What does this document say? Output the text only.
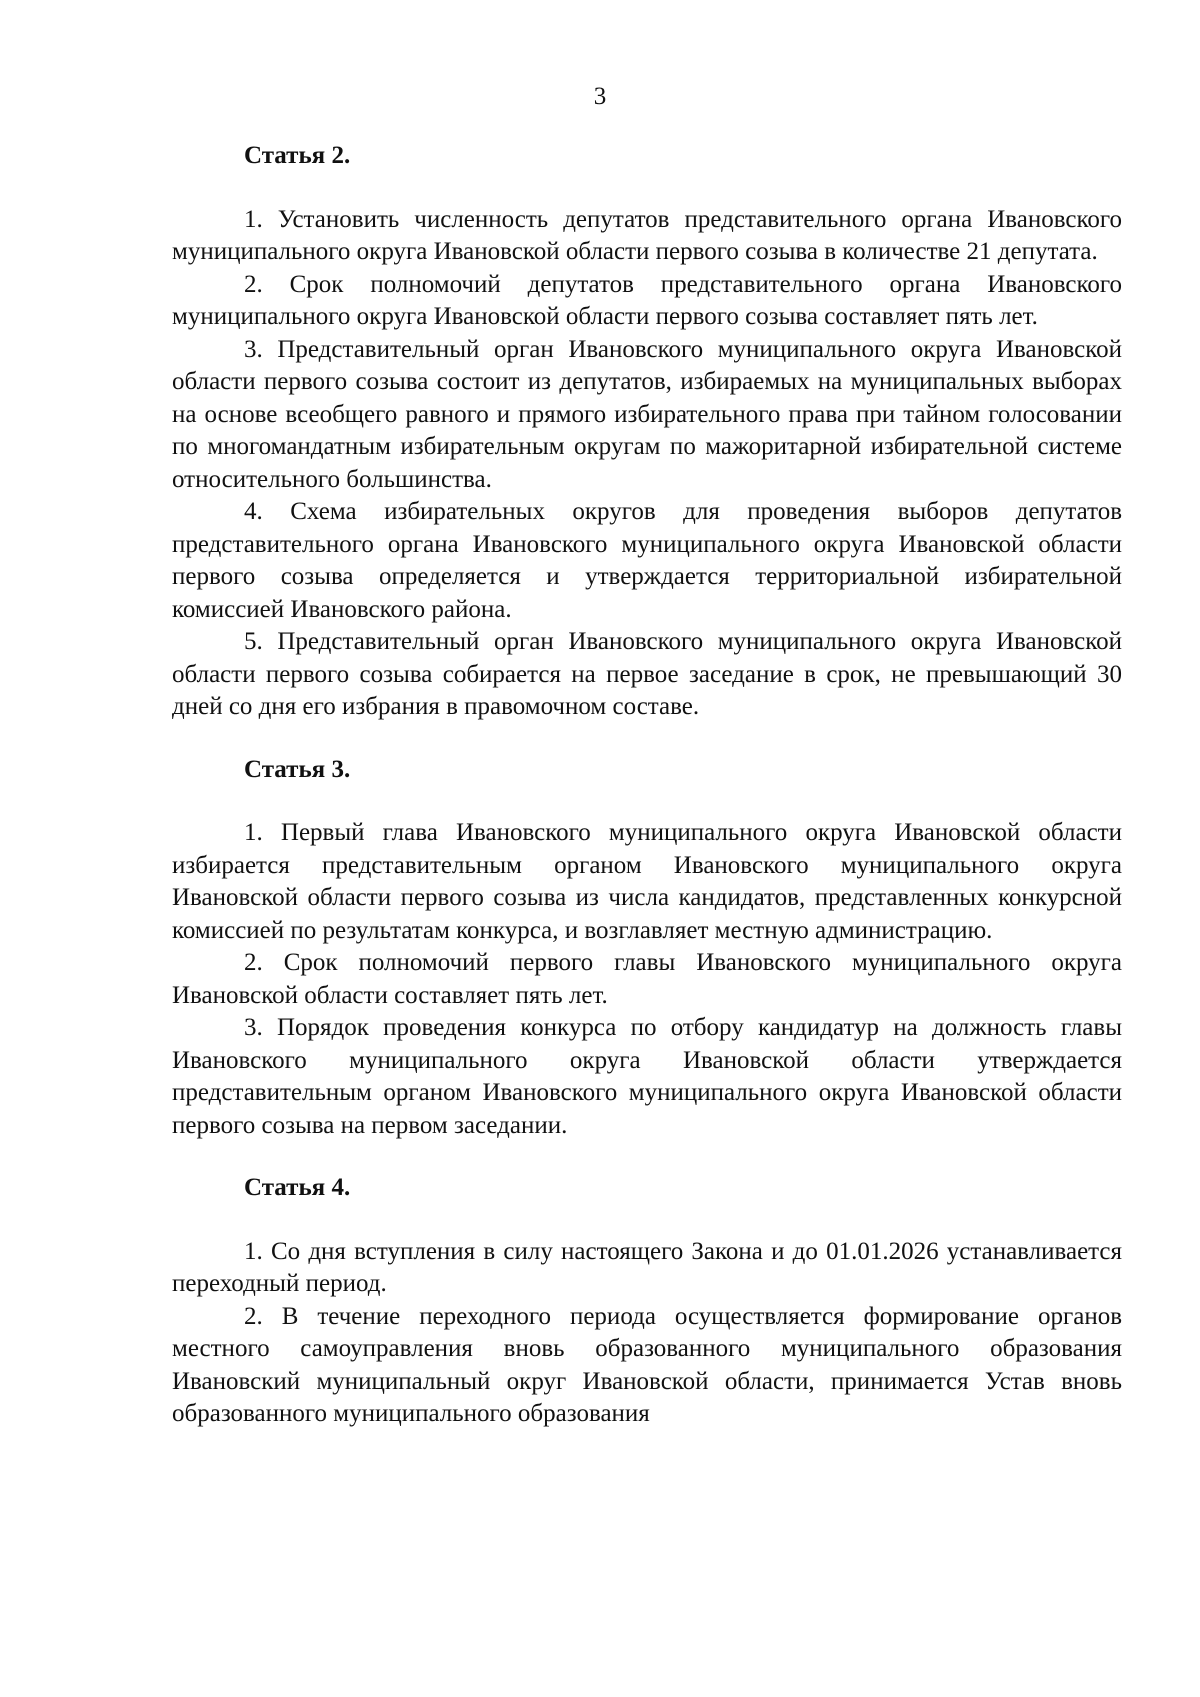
3
Статья 2.

1. Установить численность депутатов представительного органа Ивановского муниципального округа Ивановской области первого созыва в количестве 21 депутата.

2. Срок полномочий депутатов представительного органа Ивановского муниципального округа Ивановской области первого созыва составляет пять лет.

3. Представительный орган Ивановского муниципального округа Ивановской области первого созыва состоит из депутатов, избираемых на муниципальных выборах на основе всеобщего равного и прямого избирательного права при тайном голосовании по многомандатным избирательным округам по мажоритарной избирательной системе относительного большинства.

4. Схема избирательных округов для проведения выборов депутатов представительного органа Ивановского муниципального округа Ивановской области первого созыва определяется и утверждается территориальной избирательной комиссией Ивановского района.

5. Представительный орган Ивановского муниципального округа Ивановской области первого созыва собирается на первое заседание в срок, не превышающий 30 дней со дня его избрания в правомочном составе.

Статья 3.

1. Первый глава Ивановского муниципального округа Ивановской области избирается представительным органом Ивановского муниципального округа Ивановской области первого созыва из числа кандидатов, представленных конкурсной комиссией по результатам конкурса, и возглавляет местную администрацию.

2. Срок полномочий первого главы Ивановского муниципального округа Ивановской области составляет пять лет.

3. Порядок проведения конкурса по отбору кандидатур на должность главы Ивановского муниципального округа Ивановской области утверждается представительным органом Ивановского муниципального округа Ивановской области первого созыва на первом заседании.

Статья 4.

1. Со дня вступления в силу настоящего Закона и до 01.01.2026 устанавливается переходный период.

2. В течение переходного периода осуществляется формирование органов местного самоуправления вновь образованного муниципального образования Ивановский муниципальный округ Ивановской области, принимается Устав вновь образованного муниципального образования
